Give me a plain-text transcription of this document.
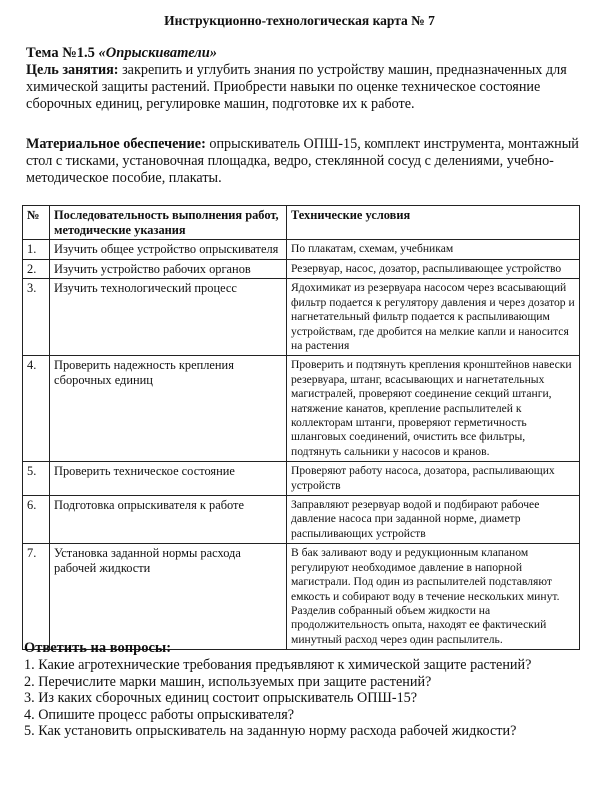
Инструкционно-технологическая карта № 7
Тема №1.5 «Опрыскиватели»
Цель занятия: закрепить и углубить знания по устройству машин, предназначенных для химической защиты растений. Приобрести навыки по оценке техническое состояние сборочных единиц, регулировке машин, подготовке их к работе.
Материальное обеспечение: опрыскиватель ОПШ-15, комплект инструмента, монтажный стол с тисками, установочная площадка, ведро, стеклянной сосуд с делениями, учебно-методическое пособие, плакаты.
№	Последовательность выполнения работ, методические указания	Технические условия
1.	Изучить общее устройство опрыскивателя	По плакатам, схемам, учебникам
2.	Изучить устройство рабочих органов	Резервуар, насос, дозатор, распыливающее устройство
3.	Изучить технологический процесс	Ядохимикат из резервуара насосом через всасывающий фильтр подается к регулятору давления и через дозатор и нагнетательный фильтр подается к распыливающим устройствам, где дробится на мелкие капли и наносится на растения
4.	Проверить надежность крепления сборочных единиц	Проверить и подтянуть крепления кронштейнов навески резервуара, штанг, всасывающих и нагнетательных магистралей, проверяют соединение секций штанги, натяжение канатов, крепление распылителей к коллекторам штанги, проверяют герметичность шланговых соединений, очистить все фильтры, подтянуть сальники у насосов и кранов.
5.	Проверить техническое состояние	Проверяют работу насоса, дозатора, распыливающих устройств
6.	Подготовка опрыскивателя к работе	Заправляют резервуар водой и подбирают рабочее давление насоса при заданной норме, диаметр распыливающих устройств
7.	Установка заданной нормы расхода рабочей жидкости	В бак заливают воду и редукционным клапаном регулируют необходимое давление в напорной магистрали. Под один из распылителей подставляют емкость и собирают воду в течение нескольких минут. Разделив собранный объем жидкости на продолжительность опыта, находят ее фактический минутный расход через один распылитель.
Ответить на вопросы:
1. Какие агротехнические требования предъявляют к химической защите растений?
2. Перечислите марки машин, используемых при защите растений?
3. Из каких сборочных единиц состоит опрыскиватель ОПШ-15?
4. Опишите процесс работы опрыскивателя?
5. Как установить опрыскиватель на заданную норму расхода рабочей жидкости?
